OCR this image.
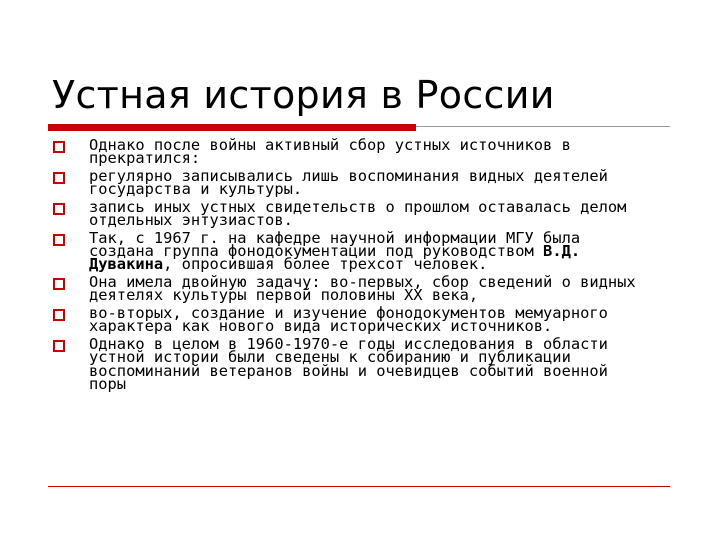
Устная история в России
Однако после войны активный сбор устных источников в
прекратился:
регулярно записывались лишь воспоминания видных деятелей
государства и культуры.
запись иных устных свидетельств о прошлом оставалась делом
отдельных энтузиастов.
Так, с 1967 г. на кафедре научной информации МГУ была
создана группа фонодокументации под руководством В.Д.
Дувакина, опросившая более трехсот человек.
Она имела двойную задачу: во-первых, сбор сведений о видных
деятелях культуры первой половины XX века,
во-вторых, создание и изучение фонодокументов мемуарного
характера как нового вида исторических источников.
Однако в целом в 1960-1970-е годы исследования в области
устной истории были сведены к собиранию и публикации
воспоминаний ветеранов войны и очевидцев событий военной
поры
